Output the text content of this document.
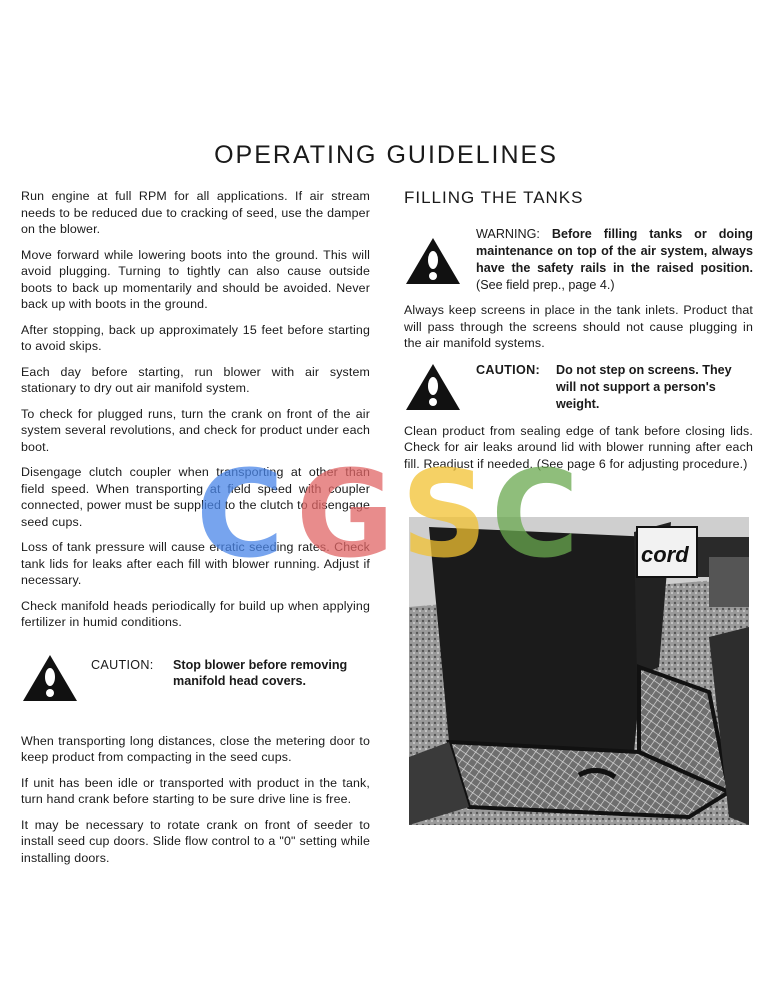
OPERATING GUIDELINES

Run engine at full RPM for all applications. If air stream needs to be reduced due to cracking of seed, use the damper on the blower.

Move forward while lowering boots into the ground. This will avoid plugging. Turning to tightly can also cause outside boots to back up momentarily and should be avoided. Never back up with boots in the ground.

After stopping, back up approximately 15 feet before starting to avoid skips.

Each day before starting, run blower with air system stationary to dry out air manifold system.

To check for plugged runs, turn the crank on front of the air system several revolutions, and check for product under each boot.

Disengage clutch coupler when transporting at other than field speed. When transporting at field speed with coupler connected, power must be supplied to the clutch to disengage seed cups.

Loss of tank pressure will cause erratic seeding rates. Check tank lids for leaks after each fill with blower running. Adjust if necessary.

Check manifold heads periodically for build up when applying fertilizer in humid conditions.

CAUTION:	Stop blower before removing
manifold head covers.

When transporting long distances, close the metering door to keep product from compacting in the seed cups.

If unit has been idle or transported with product in the tank, turn hand crank before starting to be sure drive line is free.

It may be necessary to rotate crank on front of seeder to install seed cup doors. Slide flow control to a "0" setting while installing doors.

FILLING THE TANKS
WARNING: Before filling tanks or doing maintenance on top of the air system, always have the safety rails in the raised position. (See field prep., page 4.)

Always keep screens in place in the tank inlets. Product that will pass through the screens should not cause plugging in the air manifold systems.

CAUTION:	Do not step on screens. They will not support a person's weight.

Clean product from sealing edge of tank before closing lids. Check for air leaks around lid with blower running after each fill. Readjust if needed. (See page 6 for adjusting procedure.)

cord
C G S C
